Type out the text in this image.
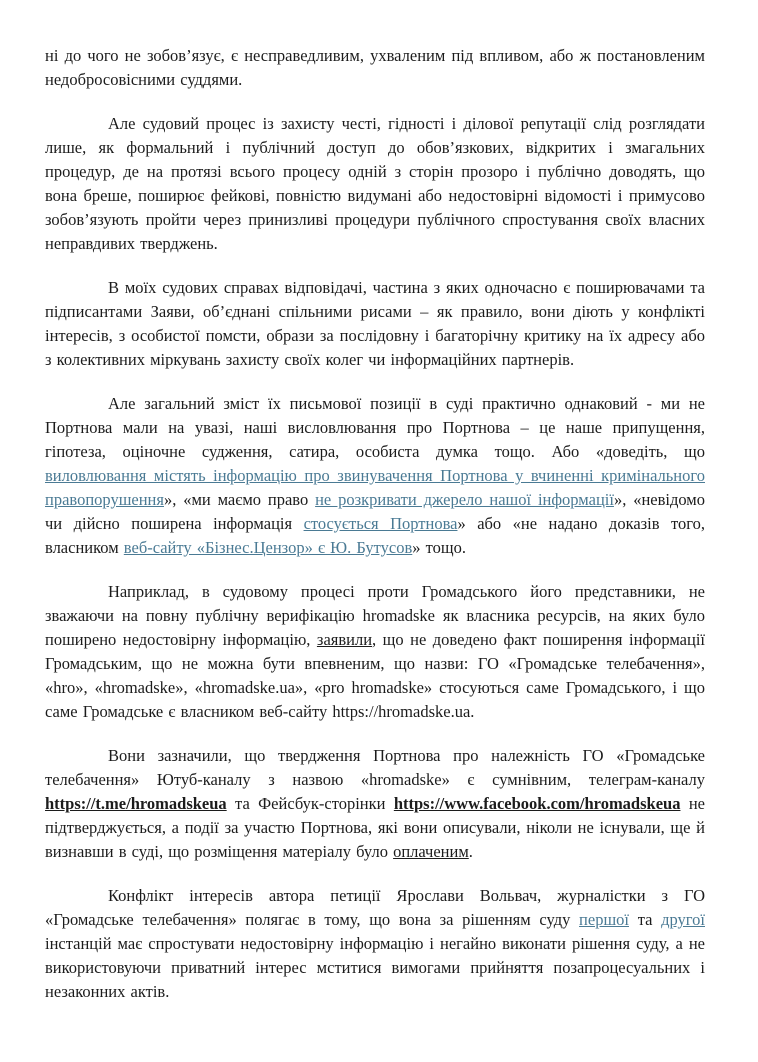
ні до чого не зобов’язує, є несправедливим, ухваленим під впливом, або ж постановленим недобросовісними суддями.

Але судовий процес із захисту честі, гідності і ділової репутації слід розглядати лише, як формальний і публічний доступ до обов’язкових, відкритих і змагальних процедур, де на протязі всього процесу одній з сторін прозоро і публічно доводять, що вона бреше, поширює фейкові, повністю видумані або недостовірні відомості і примусово зобов’язують пройти через принизливі процедури публічного спростування своїх власних неправдивих тверджень.

В моїх судових справах відповідачі, частина з яких одночасно є поширювачами та підписантами Заяви, об’єднані спільними рисами – як правило, вони діють у конфлікті інтересів, з особистої помсти, образи за послідовну і багаторічну критику на їх адресу або з колективних міркувань захисту своїх колег чи інформаційних партнерів.

Але загальний зміст їх письмової позиції в суді практично однаковий - ми не Портнова мали на увазі, наші висловлювання про Портнова – це наше припущення, гіпотеза, оціночне судження, сатира, особиста думка тощо. Або «доведіть, що виловлювання містять інформацію про звинувачення Портнова у вчиненні кримінального правопорушення», «ми маємо право не розкривати джерело нашої інформації», «невідомо чи дійсно поширена інформація стосується Портнова» або «не надано доказів того, власником веб-сайту «Бізнес.Цензор» є Ю. Бутусов» тощо.

Наприклад, в судовому процесі проти Громадського його представники, не зважаючи на повну публічну верифікацію hromadske як власника ресурсів, на яких було поширено недостовірну інформацію, заявили, що не доведено факт поширення інформації Громадським, що не можна бути впевненим, що назви: ГО «Громадське телебачення», «hro», «hromadske», «hromadske.ua», «pro hromadske» стосуються саме Громадського, і що саме Громадське є власником веб-сайту https://hromadske.ua.

Вони зазначили, що твердження Портнова про належність ГО «Громадське телебачення» Ютуб-каналу з назвою «hromadske» є сумнівним, телеграм-каналу https://t.me/hromadskeua та Фейсбук-сторінки https://www.facebook.com/hromadskeua не підтверджується, а події за участю Портнова, які вони описували, ніколи не існували, ще й визнавши в суді, що розміщення матеріалу було оплаченим.

Конфлікт інтересів автора петиції Ярослави Вольвач, журналістки з ГО «Громадське телебачення» полягає в тому, що вона за рішенням суду першої та другої інстанцій має спростувати недостовірну інформацію і негайно виконати рішення суду, а не використовуючи приватний інтерес мститися вимогами прийняття позапроцесуальних і незаконних актів.
